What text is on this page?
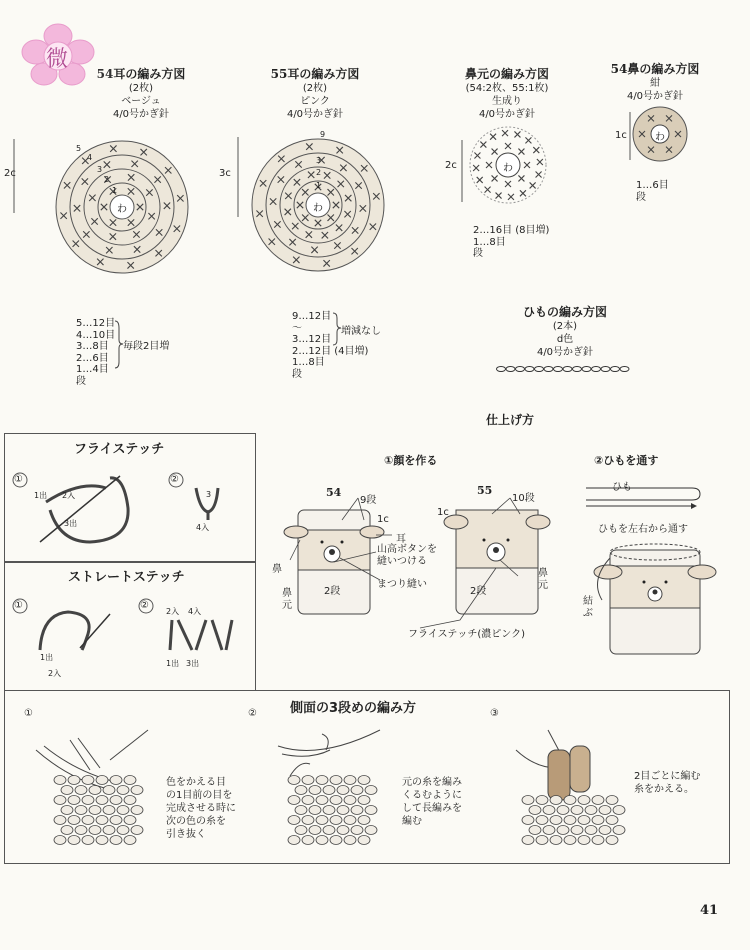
微
54耳の編み方図
(2枚)
ベージュ
4/0号かぎ針
2c
5
4
3
2
1
わ
5…12目
4…10目
3…8目
2…6目
1…4目
段
毎段2目増
55耳の編み方図
(2枚)
ピンク
4/0号かぎ針
3c
9
3
2
1
わ
9…12目
〜
3…12目
2…12目 (4目増)
1…8目
段
増減なし
鼻元の編み方図
(54:2枚、55:1枚)
生成り
4/0号かぎ針
2c	わ
2…16目 (8目増)
1…8目
段
54鼻の編み方図
紺
4/0号かぎ針
1c	わ
1…6目
段
ひもの編み方図
(2本)
d色
4/0号かぎ針
仕上げ方
①顔を作る	②ひもを通す
54	55
9段	10段
1c
1c
耳
山高ボタンを
縫いつける
まつり縫い
鼻
鼻
元
鼻
元
2段	2段
フライステッチ(濃ピンク)
ひも
ひもを左右から通す
結
ぶ
フライステッチ
①	②
1出 2入
3出
3
4入
ストレートステッチ
①	②
1出
2入
2入 4入
1出 3出
側面の3段めの編み方
①	②	③
色をかえる目
の1目前の目を
完成させる時に
次の色の糸を
引き抜く
元の糸を編み
くるむように
して長編みを
編む
2目ごとに編む
糸をかえる。
41
